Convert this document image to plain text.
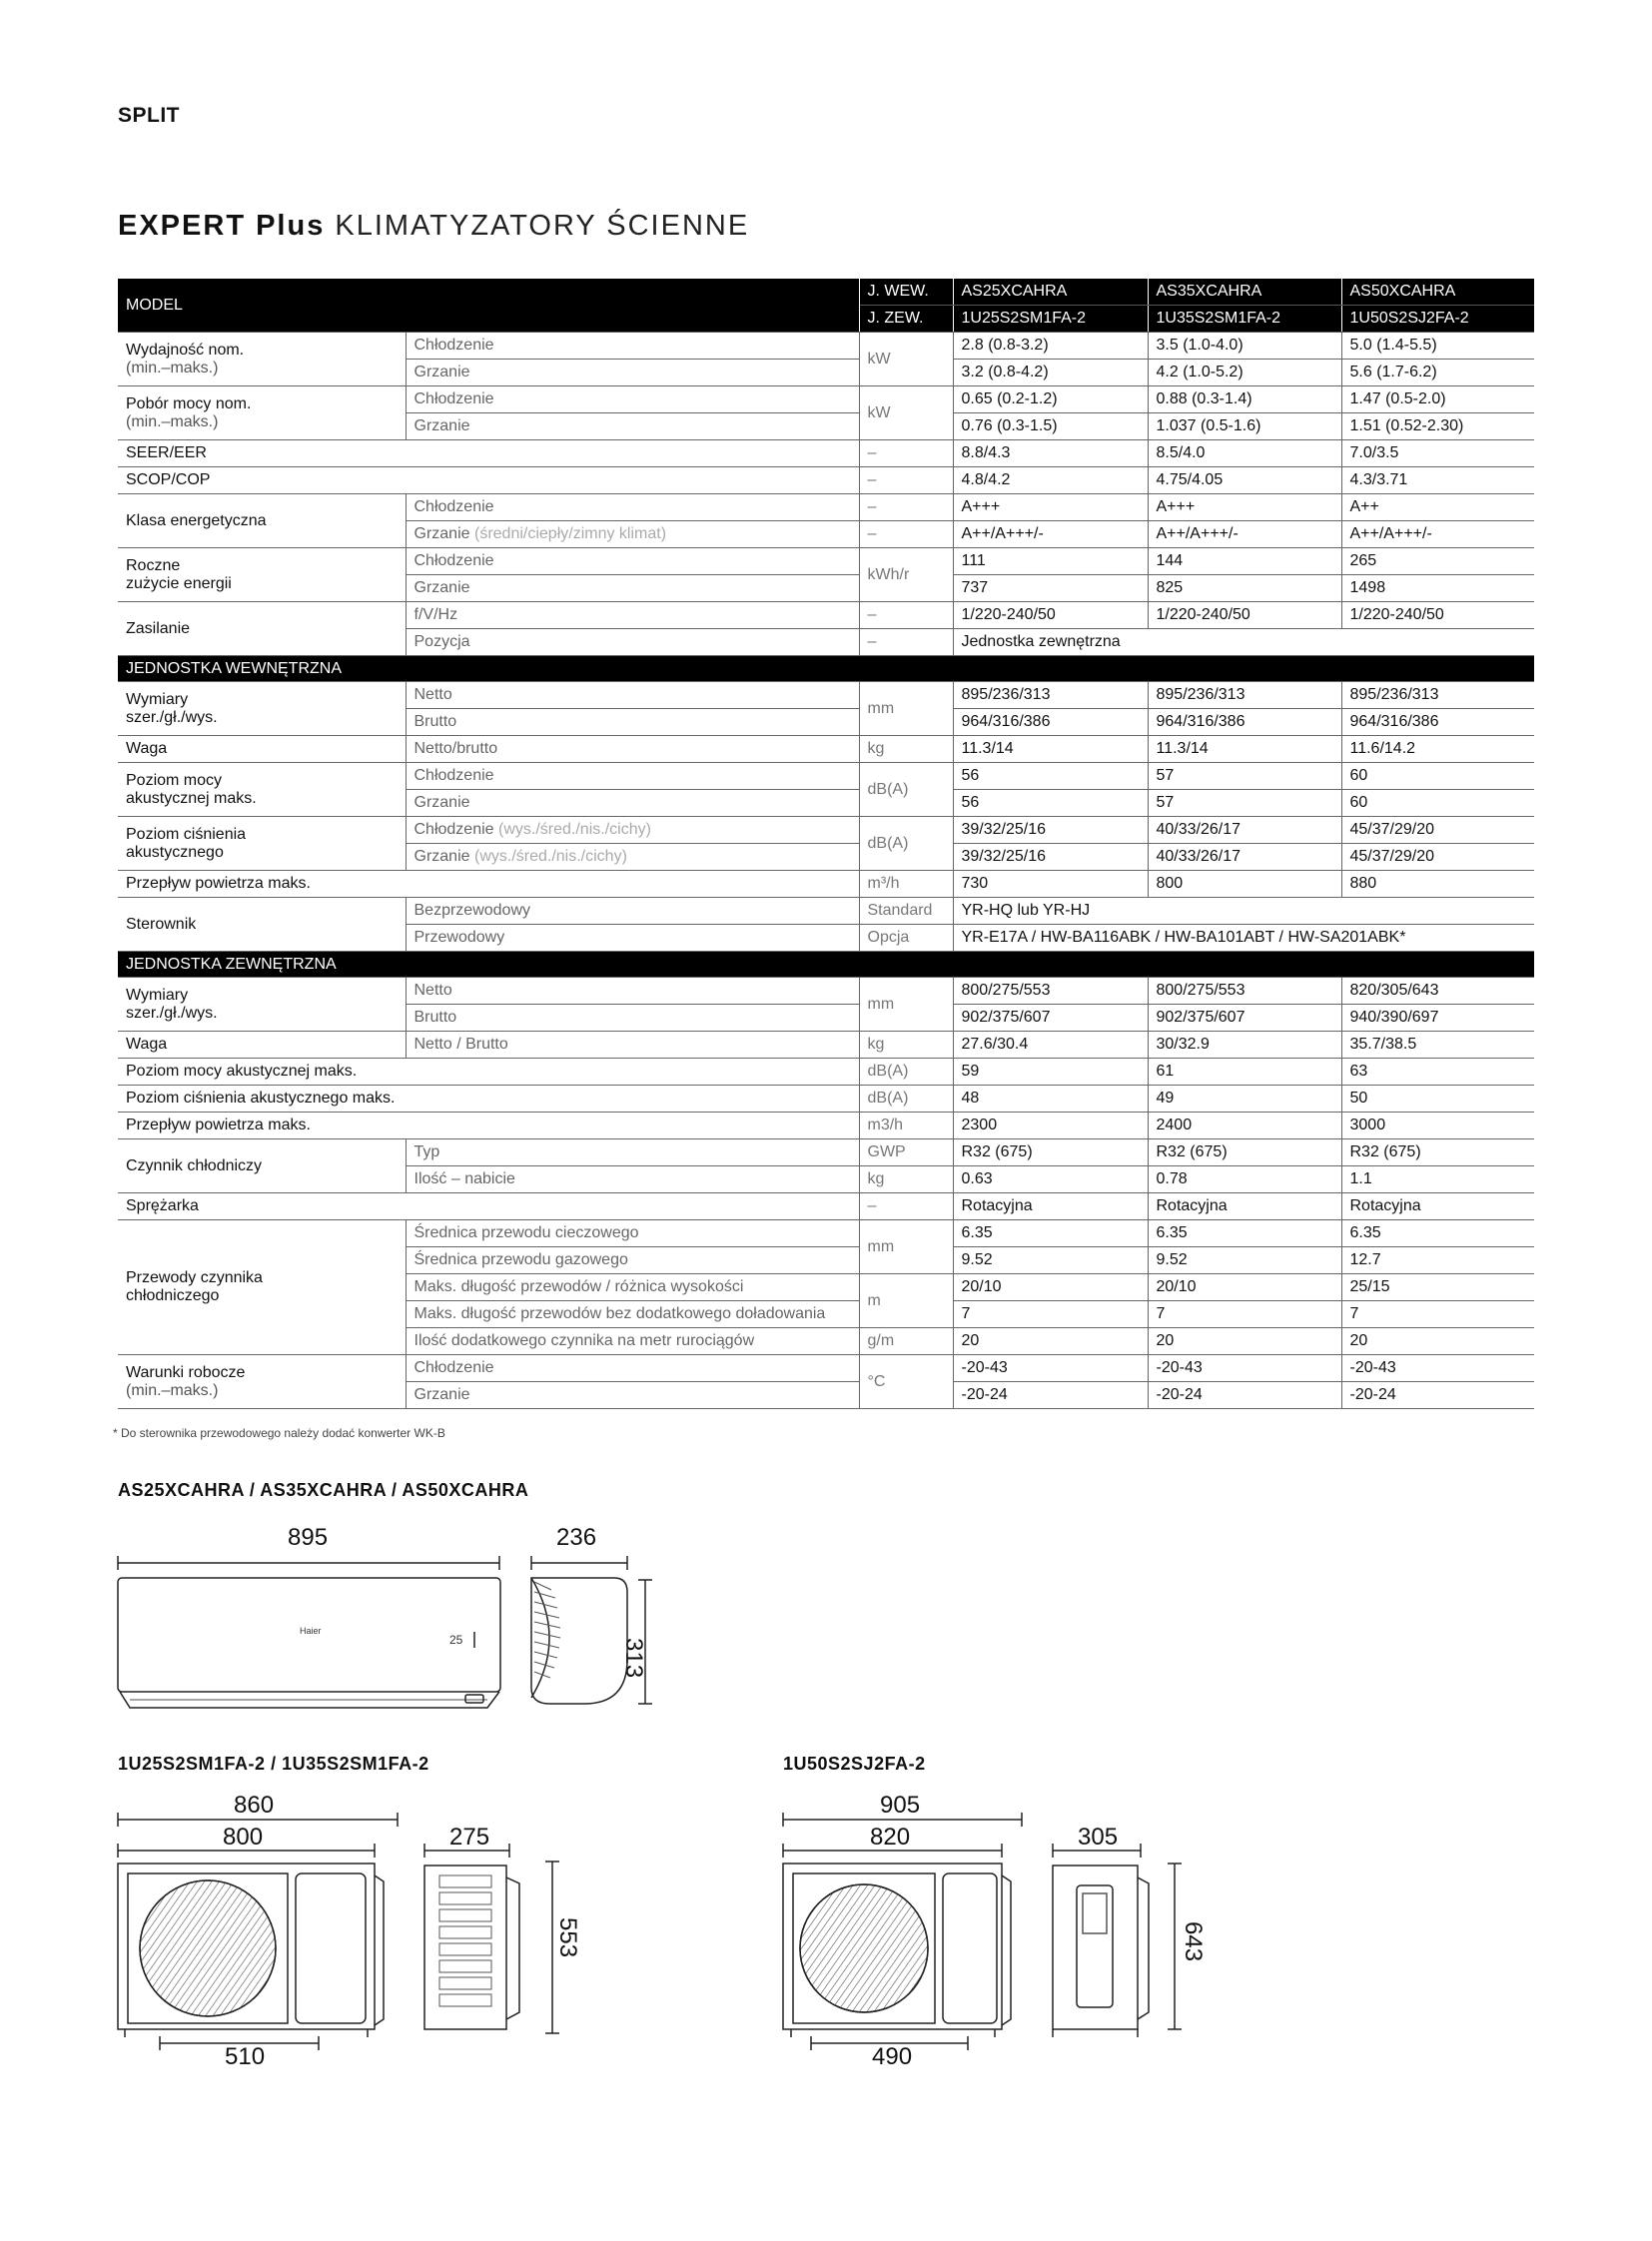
SPLIT
EXPERT Plus KLIMATYZATORY ŚCIENNE
MODEL		J. WEW.	AS25XCAHRA	AS35XCAHRA	AS50XCAHRA
		J. ZEW.	1U25S2SM1FA-2	1U35S2SM1FA-2	1U50S2SJ2FA-2
Wydajność nom.
(min.–maks.)	Chłodzenie	kW	2.8 (0.8-3.2)	3.5 (1.0-4.0)	5.0 (1.4-5.5)
	Grzanie		3.2 (0.8-4.2)	4.2 (1.0-5.2)	5.6 (1.7-6.2)
Pobór mocy nom.
(min.–maks.)	Chłodzenie	kW	0.65 (0.2-1.2)	0.88 (0.3-1.4)	1.47 (0.5-2.0)
	Grzanie		0.76 (0.3-1.5)	1.037 (0.5-1.6)	1.51 (0.52-2.30)
SEER/EER		–	8.8/4.3	8.5/4.0	7.0/3.5
SCOP/COP		–	4.8/4.2	4.75/4.05	4.3/3.71
Klasa energetyczna	Chłodzenie	–	A+++	A+++	A++
	Grzanie (średni/ciepły/zimny klimat)	–	A++/A+++/-	A++/A+++/-	A++/A+++/-
Roczne
zużycie energii	Chłodzenie	kWh/r	111	144	265
	Grzanie		737	825	1498
Zasilanie	f/V/Hz	–	1/220-240/50	1/220-240/50	1/220-240/50
	Pozycja	–	Jednostka zewnętrzna		
JEDNOSTKA WEWNĘTRZNA					
Wymiary
szer./gł./wys.	Netto	mm	895/236/313	895/236/313	895/236/313
	Brutto		964/316/386	964/316/386	964/316/386
Waga	Netto/brutto	kg	11.3/14	11.3/14	11.6/14.2
Poziom mocy
akustycznej maks.	Chłodzenie	dB(A)	56	57	60
	Grzanie		56	57	60
Poziom ciśnienia
akustycznego	Chłodzenie (wys./śred./nis./cichy)	dB(A)	39/32/25/16	40/33/26/17	45/37/29/20
	Grzanie (wys./śred./nis./cichy)		39/32/25/16	40/33/26/17	45/37/29/20
Przepływ powietrza maks.		m³/h	730	800	880
Sterownik	Bezprzewodowy	Standard	YR-HQ lub YR-HJ		
	Przewodowy	Opcja	YR-E17A / HW-BA116ABK / HW-BA101ABT / HW-SA201ABK*		
JEDNOSTKA ZEWNĘTRZNA					
Wymiary
szer./gł./wys.	Netto	mm	800/275/553	800/275/553	820/305/643
	Brutto		902/375/607	902/375/607	940/390/697
Waga	Netto / Brutto	kg	27.6/30.4	30/32.9	35.7/38.5
Poziom mocy akustycznej maks.		dB(A)	59	61	63
Poziom ciśnienia akustycznego maks.		dB(A)	48	49	50
Przepływ powietrza maks.		m3/h	2300	2400	3000
Czynnik chłodniczy	Typ	GWP	R32 (675)	R32 (675)	R32 (675)
	Ilość – nabicie	kg	0.63	0.78	1.1
Sprężarka		–	Rotacyjna	Rotacyjna	Rotacyjna
Przewody czynnika
chłodniczego	Średnica przewodu cieczowego	mm	6.35	6.35	6.35
	Średnica przewodu gazowego		9.52	9.52	12.7
	Maks. długość przewodów / różnica wysokości	m	20/10	20/10	25/15
	Maks. długość przewodów bez dodatkowego doładowania		7	7	7
	Ilość dodatkowego czynnika na metr rurociągów	g/m	20	20	20
Warunki robocze
(min.–maks.)	Chłodzenie	°C	-20-43	-20-43	-20-43
	Grzanie		-20-24	-20-24	-20-24
* Do sterownika przewodowego należy dodać konwerter WK-B
AS25XCAHRA / AS35XCAHRA / AS50XCAHRA
1U25S2SM1FA-2 / 1U35S2SM1FA-2	1U50S2SJ2FA-2
895	236
313
860
800	275
553
510
905
820	305
643
490
Haier
25
